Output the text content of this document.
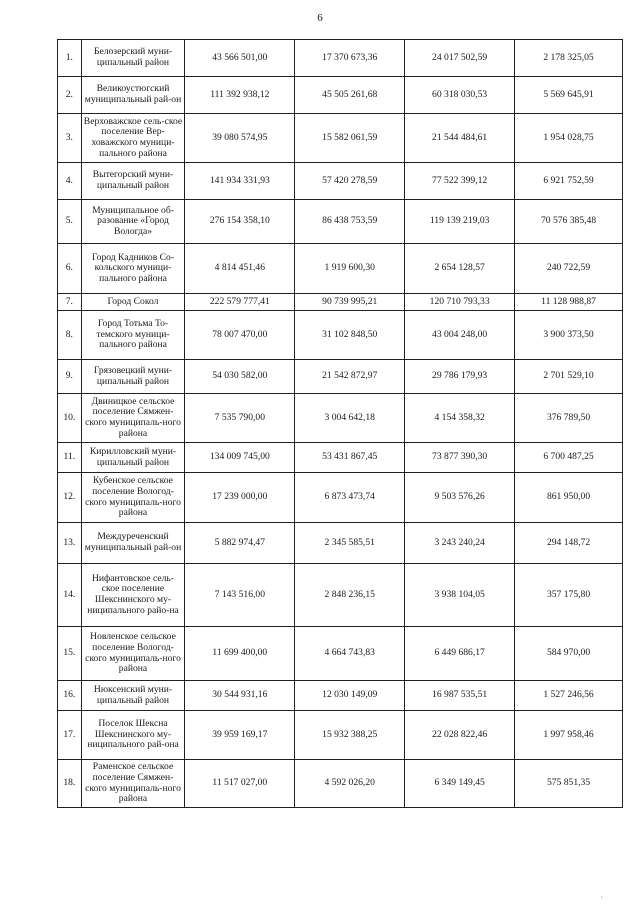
6
1.	Белозерский муни-ципальный район	43 566 501,00	17 370 673,36	24 017 502,59	2 178 325,05
2.	Великоустюгский муниципальный рай-он	111 392 938,12	45 505 261,68	60 318 030,53	5 569 645,91
3.	Верховажское сель-ское поселение Вер-ховажского муници-пального района	39 080 574,95	15 582 061,59	21 544 484,61	1 954 028,75
4.	Вытегорский муни-ципальный район	141 934 331,93	57 420 278,59	77 522 399,12	6 921 752,59
5.	Муниципальное об-разование «Город Вологда»	276 154 358,10	86 438 753,59	119 139 219,03	70 576 385,48
6.	Город Кадников Со-кольского муници-пального района	4 814 451,46	1 919 600,30	2 654 128,57	240 722,59
7.	Город Сокол	222 579 777,41	90 739 995,21	120 710 793,33	11 128 988,87
8.	Город Тотьма То-темского муници-пального района	78 007 470,00	31 102 848,50	43 004 248,00	3 900 373,50
9.	Грязовецкий муни-ципальный район	54 030 582,00	21 542 872,97	29 786 179,93	2 701 529,10
10.	Двиницкое сельское поселение Сямжен-ского муниципаль-ного района	7 535 790,00	3 004 642,18	4 154 358,32	376 789,50
11.	Кирилловский муни-ципальный район	134 009 745,00	53 431 867,45	73 877 390,30	6 700 487,25
12.	Кубенское сельское поселение Вологод-ского муниципаль-ного района	17 239 000,00	6 873 473,74	9 503 576,26	861 950,00
13.	Междуреченский муниципальный рай-он	5 882 974,47	2 345 585,51	3 243 240,24	294 148,72
14.	Нифантовское сель-ское поселение Шекснинского му-ниципального райо-на	7 143 516,00	2 848 236,15	3 938 104,05	357 175,80
15.	Новленское сельское поселение Вологод-ского муниципаль-ного района	11 699 400,00	4 664 743,83	6 449 686,17	584 970,00
16.	Нюксенский муни-ципальный район	30 544 931,16	12 030 149,09	16 987 535,51	1 527 246,56
17.	Поселок Шексна Шекснинского му-ниципального рай-она	39 959 169,17	15 932 388,25	22 028 822,46	1 997 958,46
18.	Раменское сельское поселение Сямжен-ского муниципаль-ного района	11 517 027,00	4 592 026,20	6 349 149,45	575 851,35
,
